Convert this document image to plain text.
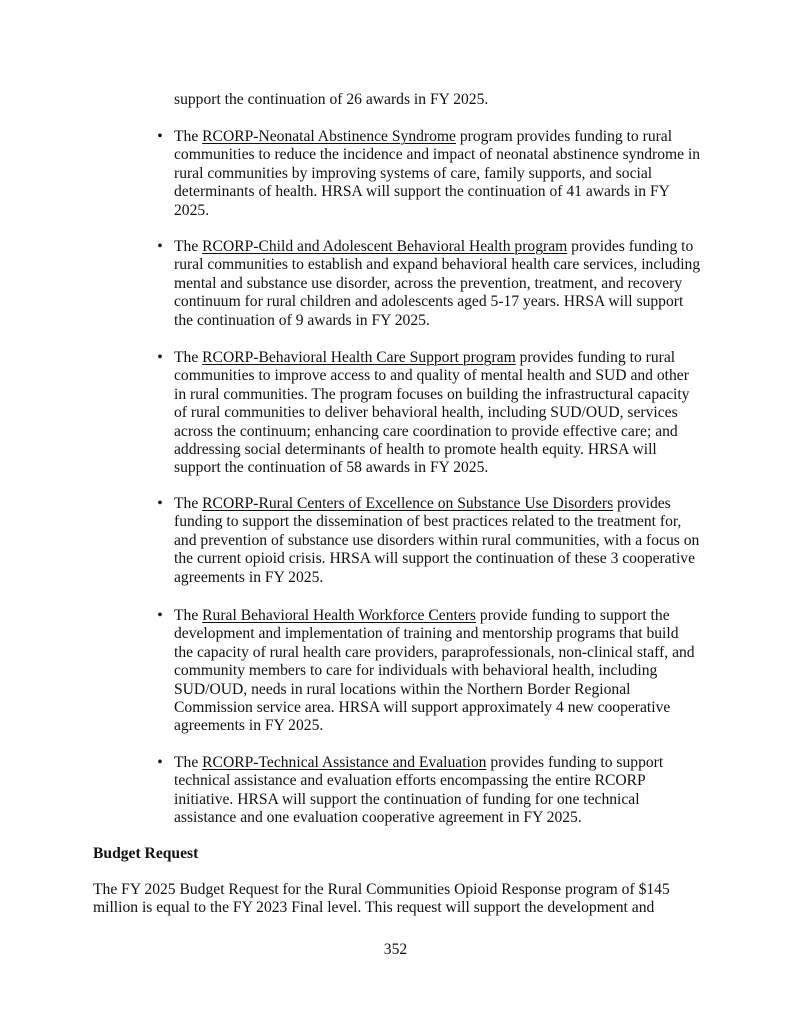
support the continuation of 26 awards in FY 2025.
• The RCORP-Neonatal Abstinence Syndrome program provides funding to rural
communities to reduce the incidence and impact of neonatal abstinence syndrome in
rural communities by improving systems of care, family supports, and social
determinants of health. HRSA will support the continuation of 41 awards in FY
2025.
• The RCORP-Child and Adolescent Behavioral Health program provides funding to
rural communities to establish and expand behavioral health care services, including
mental and substance use disorder, across the prevention, treatment, and recovery
continuum for rural children and adolescents aged 5-17 years. HRSA will support
the continuation of 9 awards in FY 2025.
• The RCORP-Behavioral Health Care Support program provides funding to rural
communities to improve access to and quality of mental health and SUD and other
in rural communities. The program focuses on building the infrastructural capacity
of rural communities to deliver behavioral health, including SUD/OUD, services
across the continuum; enhancing care coordination to provide effective care; and
addressing social determinants of health to promote health equity. HRSA will
support the continuation of 58 awards in FY 2025.
• The RCORP-Rural Centers of Excellence on Substance Use Disorders provides
funding to support the dissemination of best practices related to the treatment for,
and prevention of substance use disorders within rural communities, with a focus on
the current opioid crisis. HRSA will support the continuation of these 3 cooperative
agreements in FY 2025.
• The Rural Behavioral Health Workforce Centers provide funding to support the
development and implementation of training and mentorship programs that build
the capacity of rural health care providers, paraprofessionals, non-clinical staff, and
community members to care for individuals with behavioral health, including
SUD/OUD, needs in rural locations within the Northern Border Regional
Commission service area. HRSA will support approximately 4 new cooperative
agreements in FY 2025.
• The RCORP-Technical Assistance and Evaluation provides funding to support
technical assistance and evaluation efforts encompassing the entire RCORP
initiative. HRSA will support the continuation of funding for one technical
assistance and one evaluation cooperative agreement in FY 2025.
Budget Request
The FY 2025 Budget Request for the Rural Communities Opioid Response program of $145
million is equal to the FY 2023 Final level. This request will support the development and
352
